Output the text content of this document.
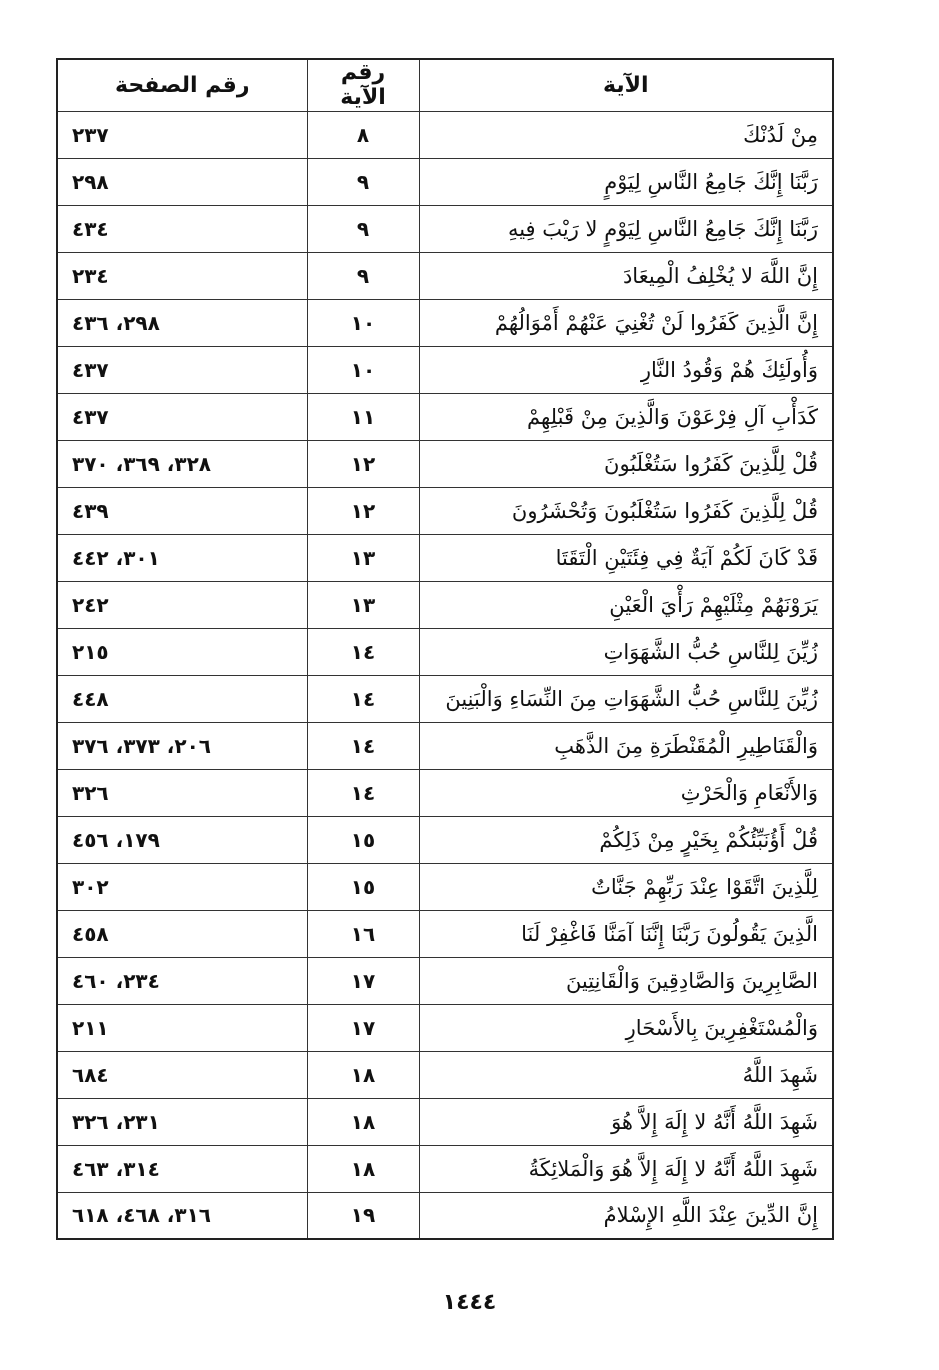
الآية	رقم الآية	رقم الصفحة
مِنْ لَدُنْكَ	٨	٢٣٧
رَبَّنَا إِنَّكَ جَامِعُ النَّاسِ لِيَوْمٍ	٩	٢٩٨
رَبَّنَا إِنَّكَ جَامِعُ النَّاسِ لِيَوْمٍ لا رَيْبَ فِيهِ	٩	٤٣٤
إِنَّ اللَّهَ لا يُخْلِفُ الْمِيعَادَ	٩	٢٣٤
إِنَّ الَّذِينَ كَفَرُوا لَنْ تُغْنِيَ عَنْهُمْ أَمْوَالُهُمْ	١٠	٢٩٨، ٤٣٦
وَأُولَئِكَ هُمْ وَقُودُ النَّارِ	١٠	٤٣٧
كَدَأْبِ آلِ فِرْعَوْنَ وَالَّذِينَ مِنْ قَبْلِهِمْ	١١	٤٣٧
قُلْ لِلَّذِينَ كَفَرُوا سَتُغْلَبُونَ	١٢	٣٢٨، ٣٦٩، ٣٧٠
قُلْ لِلَّذِينَ كَفَرُوا سَتُغْلَبُونَ وَتُحْشَرُونَ	١٢	٤٣٩
قَدْ كَانَ لَكُمْ آيَةٌ فِي فِئَتَيْنِ الْتَقَتَا	١٣	٣٠١، ٤٤٢
يَرَوْنَهُمْ مِثْلَيْهِمْ رَأْيَ الْعَيْنِ	١٣	٢٤٢
زُيِّنَ لِلنَّاسِ حُبُّ الشَّهَوَاتِ	١٤	٢١٥
زُيِّنَ لِلنَّاسِ حُبُّ الشَّهَوَاتِ مِنَ النِّسَاءِ وَالْبَنِينَ	١٤	٤٤٨
وَالْقَنَاطِيرِ الْمُقَنْطَرَةِ مِنَ الذَّهَبِ	١٤	٢٠٦، ٣٧٣، ٣٧٦
وَالأَنْعَامِ وَالْحَرْثِ	١٤	٣٢٦
قُلْ أَؤُنَبِّئُكُمْ بِخَيْرٍ مِنْ ذَلِكُمْ	١٥	١٧٩، ٤٥٦
لِلَّذِينَ اتَّقَوْا عِنْدَ رَبِّهِمْ جَنَّاتٌ	١٥	٣٠٢
الَّذِينَ يَقُولُونَ رَبَّنَا إِنَّنَا آمَنَّا فَاغْفِرْ لَنَا	١٦	٤٥٨
الصَّابِرِينَ وَالصَّادِقِينَ وَالْقَانِتِينَ	١٧	٢٣٤، ٤٦٠
وَالْمُسْتَغْفِرِينَ بِالأَسْحَارِ	١٧	٢١١
شَهِدَ اللَّهُ	١٨	٦٨٤
شَهِدَ اللَّهُ أَنَّهُ لا إِلَهَ إِلاَّ هُوَ	١٨	٢٣١، ٣٢٦
شَهِدَ اللَّهُ أَنَّهُ لا إِلَهَ إِلاَّ هُوَ وَالْمَلائِكَةُ	١٨	٣١٤، ٤٦٣
إِنَّ الدِّينَ عِنْدَ اللَّهِ الإِسْلامُ	١٩	٣١٦، ٤٦٨، ٦١٨
١٤٤٤
